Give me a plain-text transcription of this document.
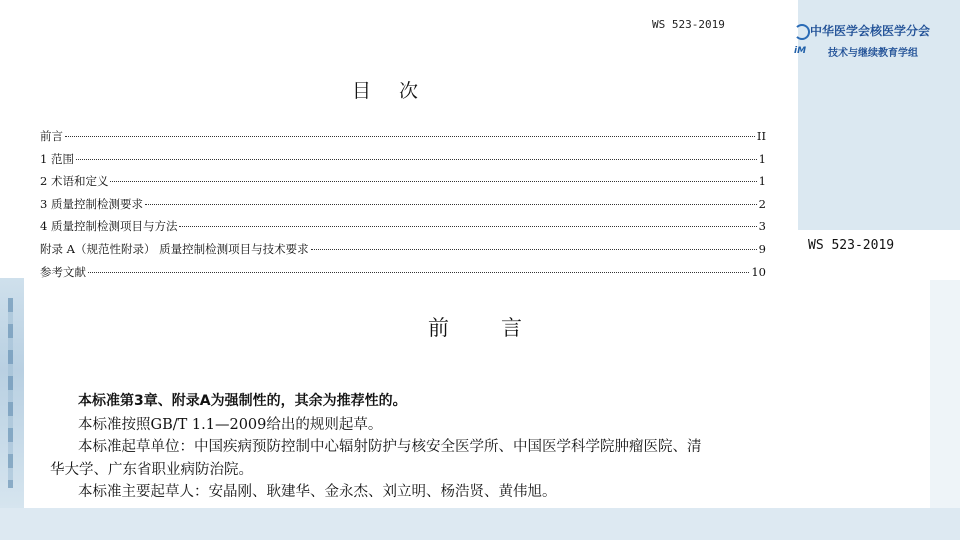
iM
中华医学会核医学分会
技术与继续教育学组
WS 523-2019
WS 523-2019
目次
前言	II
1 范围	1
2 术语和定义	1
3 质量控制检测要求	2
4 质量控制检测项目与方法	3
附录 A（规范性附录） 质量控制检测项目与技术要求	9
参考文献	10
前言
本标准第3章、附录A为强制性的，其余为推荐性的。
本标准按照GB/T 1.1—2009给出的规则起草。
本标准起草单位：中国疾病预防控制中心辐射防护与核安全医学所、中国医学科学院肿瘤医院、清
华大学、广东省职业病防治院。
本标准主要起草人：安晶刚、耿建华、金永杰、刘立明、杨浩贤、黄伟旭。
